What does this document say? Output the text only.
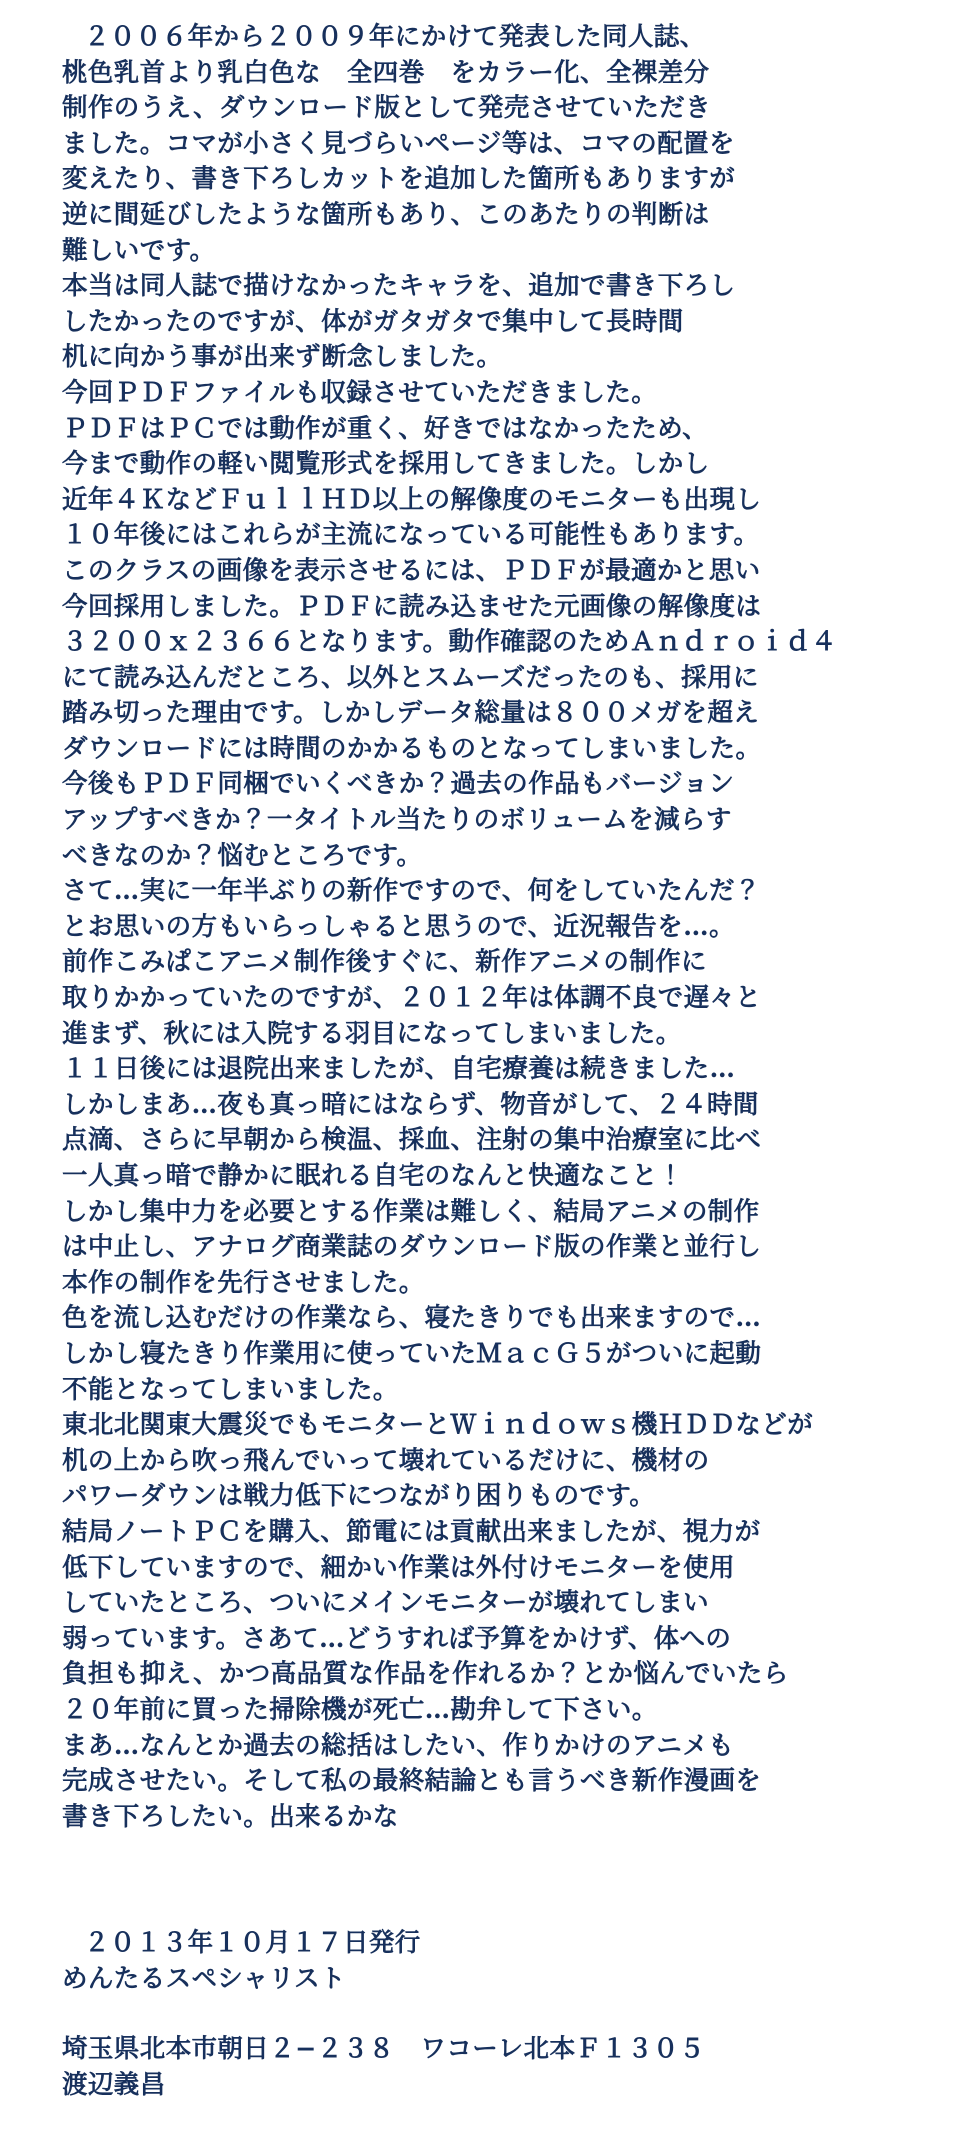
２００６年から２００９年にかけて発表した同人誌、
桃色乳首より乳白色な　全四巻　をカラー化、全裸差分
制作のうえ、ダウンロード版として発売させていただき
ました。コマが小さく見づらいページ等は、コマの配置を
変えたり、書き下ろしカットを追加した箇所もありますが
逆に間延びしたような箇所もあり、このあたりの判断は
難しいです。
本当は同人誌で描けなかったキャラを、追加で書き下ろし
したかったのですが、体がガタガタで集中して長時間
机に向かう事が出来ず断念しました。
今回ＰＤＦファイルも収録させていただきました。
ＰＤＦはＰＣでは動作が重く、好きではなかったため、
今まで動作の軽い閲覧形式を採用してきました。しかし
近年４ＫなどＦｕｌｌＨＤ以上の解像度のモニターも出現し
１０年後にはこれらが主流になっている可能性もあります。
このクラスの画像を表示させるには、ＰＤＦが最適かと思い
今回採用しました。ＰＤＦに読み込ませた元画像の解像度は
３２００ｘ２３６６となります。動作確認のためＡｎｄｒｏｉｄ４
にて読み込んだところ、以外とスムーズだったのも、採用に
踏み切った理由です。しかしデータ総量は８００メガを超え
ダウンロードには時間のかかるものとなってしまいました。
今後もＰＤＦ同梱でいくべきか？過去の作品もバージョン
アップすべきか？一タイトル当たりのボリュームを減らす
べきなのか？悩むところです。
さて…実に一年半ぶりの新作ですので、何をしていたんだ？
とお思いの方もいらっしゃると思うので、近況報告を…。
前作こみぱこアニメ制作後すぐに、新作アニメの制作に
取りかかっていたのですが、２０１２年は体調不良で遅々と
進まず、秋には入院する羽目になってしまいました。
１１日後には退院出来ましたが、自宅療養は続きました…
しかしまあ…夜も真っ暗にはならず、物音がして、２４時間
点滴、さらに早朝から検温、採血、注射の集中治療室に比べ
一人真っ暗で静かに眠れる自宅のなんと快適なこと！
しかし集中力を必要とする作業は難しく、結局アニメの制作
は中止し、アナログ商業誌のダウンロード版の作業と並行し
本作の制作を先行させました。
色を流し込むだけの作業なら、寝たきりでも出来ますので…
しかし寝たきり作業用に使っていたＭａｃＧ５がついに起動
不能となってしまいました。
東北北関東大震災でもモニターとＷｉｎｄｏｗｓ機ＨＤＤなどが
机の上から吹っ飛んでいって壊れているだけに、機材の
パワーダウンは戦力低下につながり困りものです。
結局ノートＰＣを購入、節電には貢献出来ましたが、視力が
低下していますので、細かい作業は外付けモニターを使用
していたところ、ついにメインモニターが壊れてしまい
弱っています。さあて…どうすれば予算をかけず、体への
負担も抑え、かつ高品質な作品を作れるか？とか悩んでいたら
２０年前に買った掃除機が死亡…勘弁して下さい。
まあ…なんとか過去の総括はしたい、作りかけのアニメも
完成させたい。そして私の最終結論とも言うべき新作漫画を
書き下ろしたい。出来るかな
２０１３年１０月１７日発行
めんたるスペシャリスト
埼玉県北本市朝日２−２３８　ワコーレ北本Ｆ１３０５
渡辺義昌
